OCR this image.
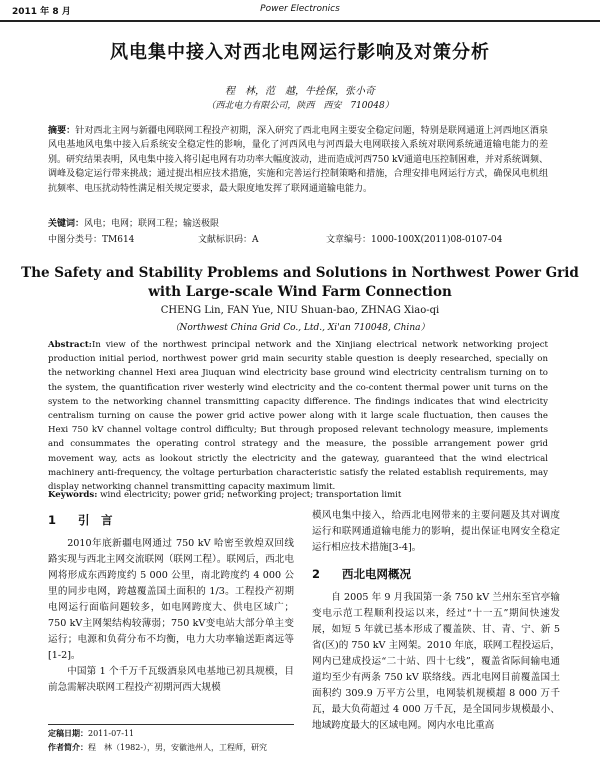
2011 年 8 月	Power Electronics
风电集中接入对西北电网运行影响及对策分析
程　林，范　越，牛拴保，张小奇
（西北电力有限公司，陕西　西安　710048）
摘要：针对西北主网与新疆电网联网工程投产初期，深入研究了西北电网主要安全稳定问题，特别是联网通道上河西地区酒泉风电基地风电集中接入后系统安全稳定性的影响，量化了河西风电与河西最大电网联接入系统对联网系统通道输电能力的差别。研究结果表明，风电集中接入将引起电网有功功率大幅度波动，进而造成河西750 kV通道电压控制困难，并对系统调频、调峰及稳定运行带来挑战；通过提出相应技术措施，实施和完善运行控制策略和措施，合理安排电网运行方式，确保风电机组抗频率、电压扰动特性满足相关规定要求，最大限度地发挥了联网通道输电能力。
关键词：风电；电网；联网工程；输送极限
中图分类号：TM614	文献标识码：A	文章编号：1000-100X(2011)08-0107-04
The Safety and Stability Problems and Solutions in Northwest Power Grid
with Large-scale Wind Farm Connection
CHENG Lin, FAN Yue, NIU Shuan-bao, ZHNAG Xiao-qi
（Northwest China Grid Co., Ltd., Xi'an 710048, China）
Abstract:In view of the northwest principal network and the Xinjiang electrical network networking project production initial period, northwest power grid main security stable question is deeply researched, specially on the networking channel Hexi area Jiuquan wind electricity base ground wind electricity centralism turning on to the system, the quantification river westerly wind electricity and the co-content thermal power unit turns on the system to the networking channel transmitting capacity difference. The findings indicates that wind electricity centralism turning on cause the power grid active power along with it large scale fluctuation, then causes the Hexi 750 kV channel voltage control difficulty; But through proposed relevant technology measure, implements and consummates the operating control strategy and the measure, the possible arrangement power grid movement way, acts as lookout strictly the electricity and the gateway, guaranteed that the wind electrical machinery anti-frequency, the voltage perturbation characteristic satisfy the related establish requirements, may display networking channel transmitting capacity maximum limit.
Keywords: wind electricity; power grid; networking project; transportation limit
1 引　言

2010年底新疆电网通过 750 kV 哈密至敦煌双回线路实现与西北主网交流联网（联网工程）。联网后，西北电网将形成东西跨度约 5 000 公里，南北跨度约 4 000 公里的同步电网，跨越覆盖国土面积的 1/3。工程投产初期电网运行面临问题较多，如电网跨度大、供电区域广；750 kV主网架结构较薄弱；750 kV变电站大部分单主变运行；电源和负荷分布不均衡，电力大功率输送距离远等[1-2]。

中国第 1 个千万千瓦级酒泉风电基地已初具规模，目前急需解决联网工程投产初期河西大规模

模风电集中接入，给西北电网带来的主要问题及其对调度运行和联网通道输电能力的影响，提出保证电网安全稳定运行相应技术措施[3-4]。

2 西北电网概况

自 2005 年 9 月我国第一条 750 kV 兰州东至官亭输变电示范工程顺利投运以来，经过“十一五”期间快速发展，如短 5 年就已基本形成了覆盖陕、甘、青、宁、新 5 省(区)的 750 kV 主网架。2010 年底，联网工程投运后，网内已建成投运“二十站、四十七线”，覆盖省际间输电通道均至少有两条 750 kV 联络线。西北电网目前覆盖国土面积约 309.9 万平方公里，电网装机规模超 8 000 万千瓦，最大负荷超过 4 000 万千瓦，是全国同步规模最小、地域跨度最大的区域电网。网内水电比重高

定稿日期：2011-07-11
作者简介：程　林（1982-），男，安徽池州人，工程师，研究
